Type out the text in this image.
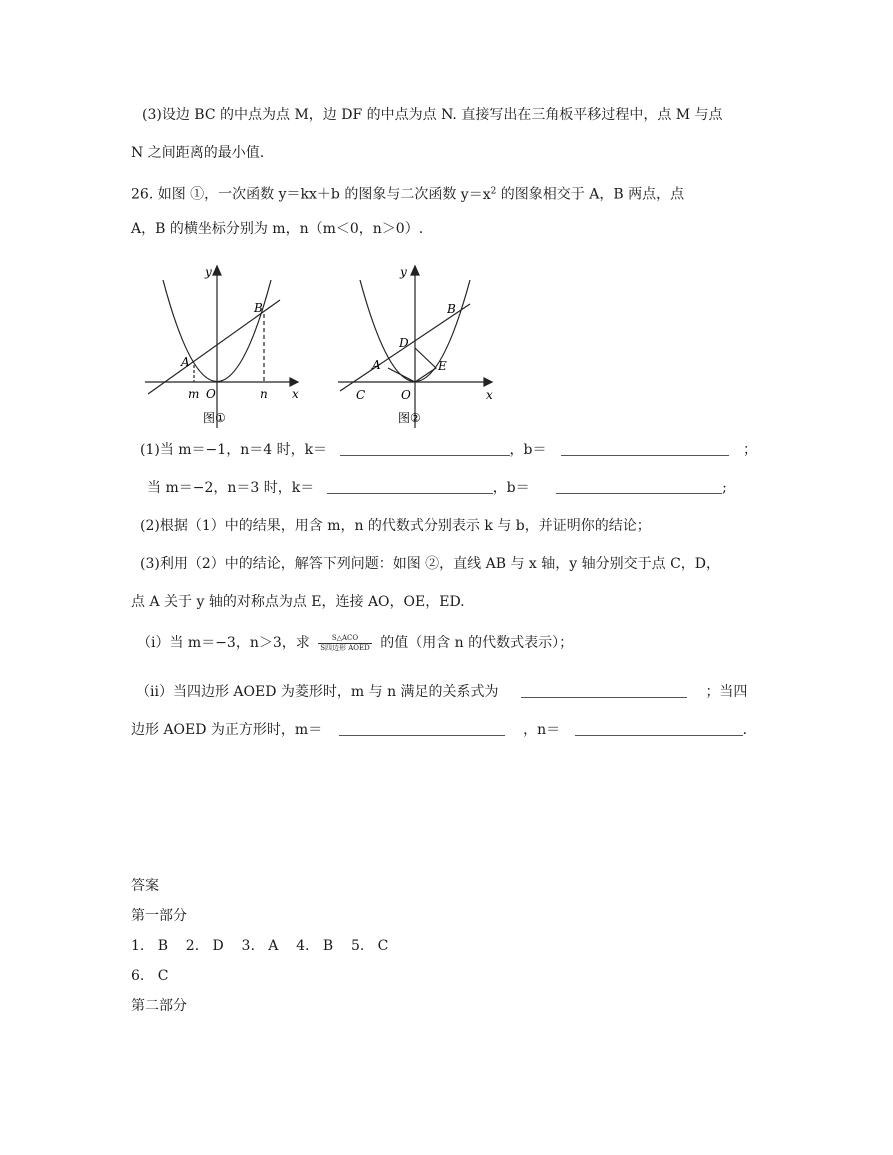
(3)设边 BC 的中点为点 M，边 DF 的中点为点 N. 直接写出在三角板平移过程中，点 M 与点
N 之间距离的最小值.
26. 如图 ①，一次函数 y＝kx＋b 的图象与二次函数 $y=x^2$ 的图象相交于 A，B 两点，点
A，B 的横坐标分别为 m，n（m＜0，n＞0）.
y
x
O
A
B
m	n
图①
y
x
O
A
B
C
D
E
图②
(1)当 m＝−1，n＝4 时，k＝	，b＝	；
当 m＝−2，n＝3 时，k＝	，b＝	;
(2)根据（1）中的结果，用含 m，n 的代数式分别表示 k 与 b，并证明你的结论；
(3)利用（2）中的结论，解答下列问题：如图 ②，直线 AB 与 x 轴，y 轴分别交于点 C，D，
点 A 关于 y 轴的对称点为点 E，连接 AO，OE，ED.
（i）当 m＝−3，n＞3，求 $\frac{\text{S△ACO}}{\text{S四边形 AOED}}$ 的值（用含 n 的代数式表示）；
（ii）当四边形 AOED 为菱形时，m 与 n 满足的关系式为	；当四
边形 AOED 为正方形时，m＝	，n＝	.
答案
第一部分
1.   B    2.   D    3.   A    4.   B    5.   C
6.   C
第二部分
